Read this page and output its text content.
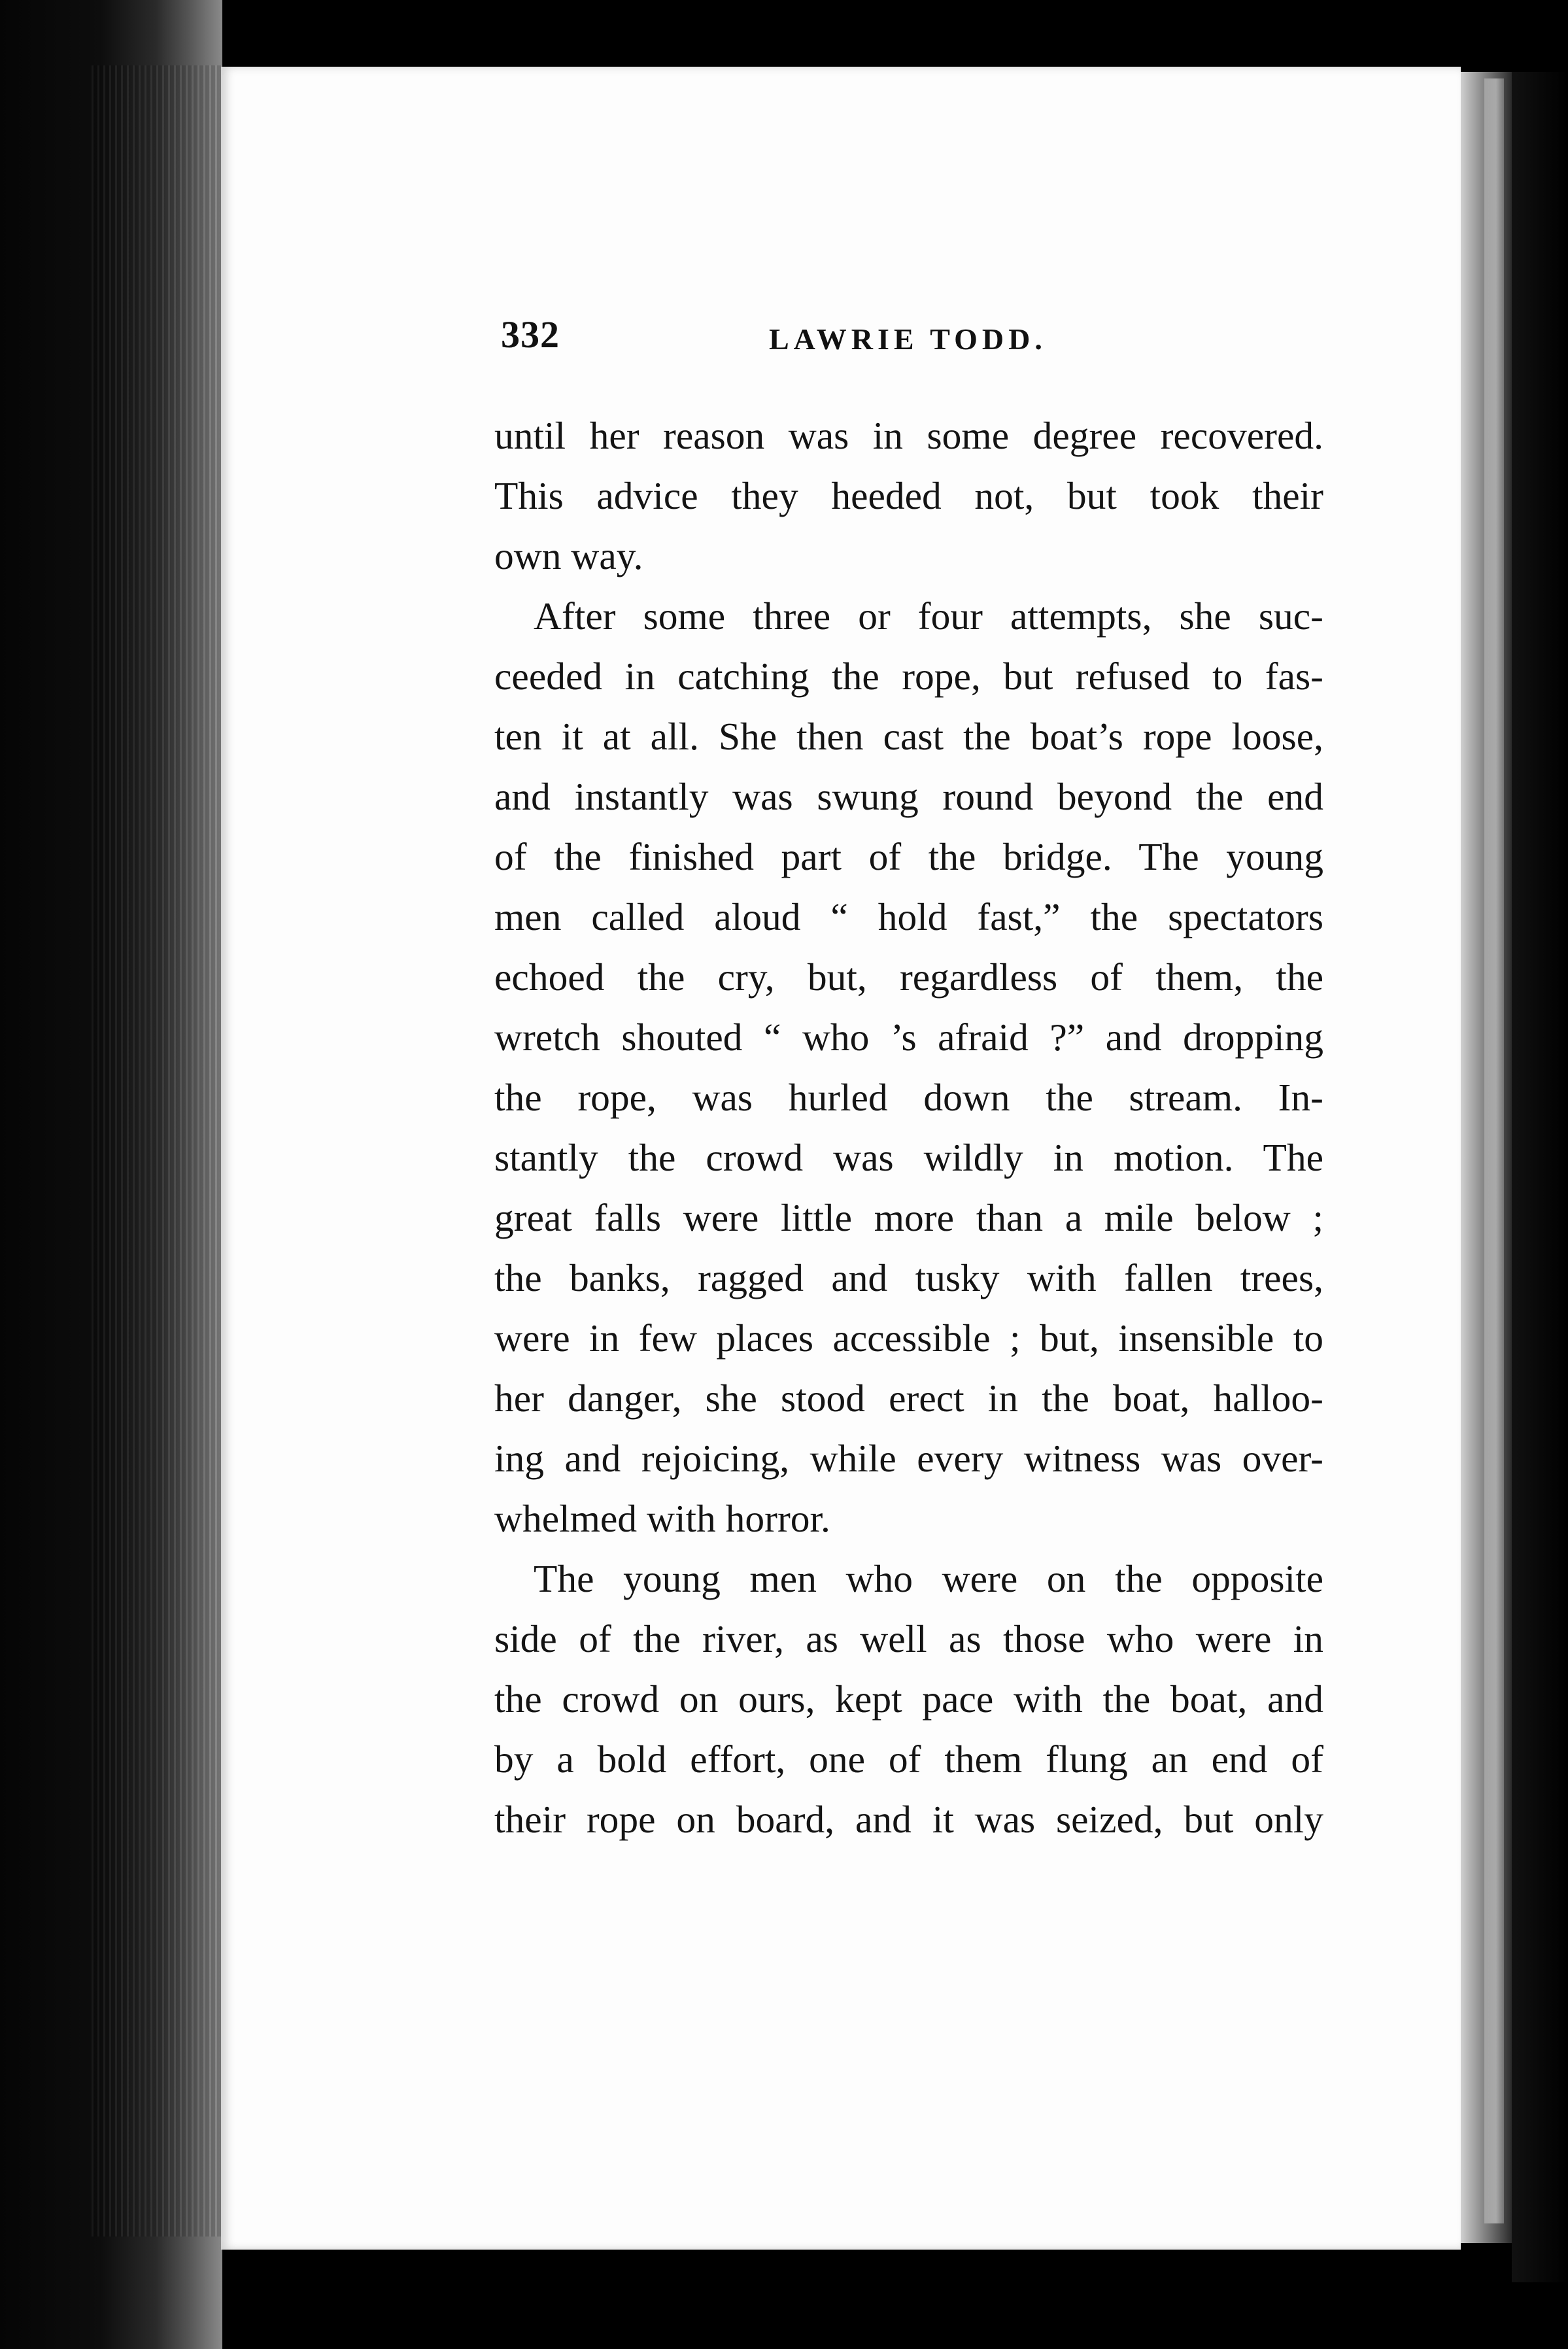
332	LAWRIE TODD.
until her reason was in some degree recovered.
This advice they heeded not, but took their
own way.
After some three or four attempts, she suc-
ceeded in catching the rope, but refused to fas-
ten it at all. She then cast the boat’s rope loose,
and instantly was swung round beyond the end
of the finished part of the bridge. The young
men called aloud “ hold fast,” the spectators
echoed the cry, but, regardless of them, the
wretch shouted “ who ’s afraid ?” and dropping
the rope, was hurled down the stream. In-
stantly the crowd was wildly in motion. The
great falls were little more than a mile below ;
the banks, ragged and tusky with fallen trees,
were in few places accessible ; but, insensible to
her danger, she stood erect in the boat, halloo-
ing and rejoicing, while every witness was over-
whelmed with horror.
The young men who were on the opposite
side of the river, as well as those who were in
the crowd on ours, kept pace with the boat, and
by a bold effort, one of them flung an end of
their rope on board, and it was seized, but only
